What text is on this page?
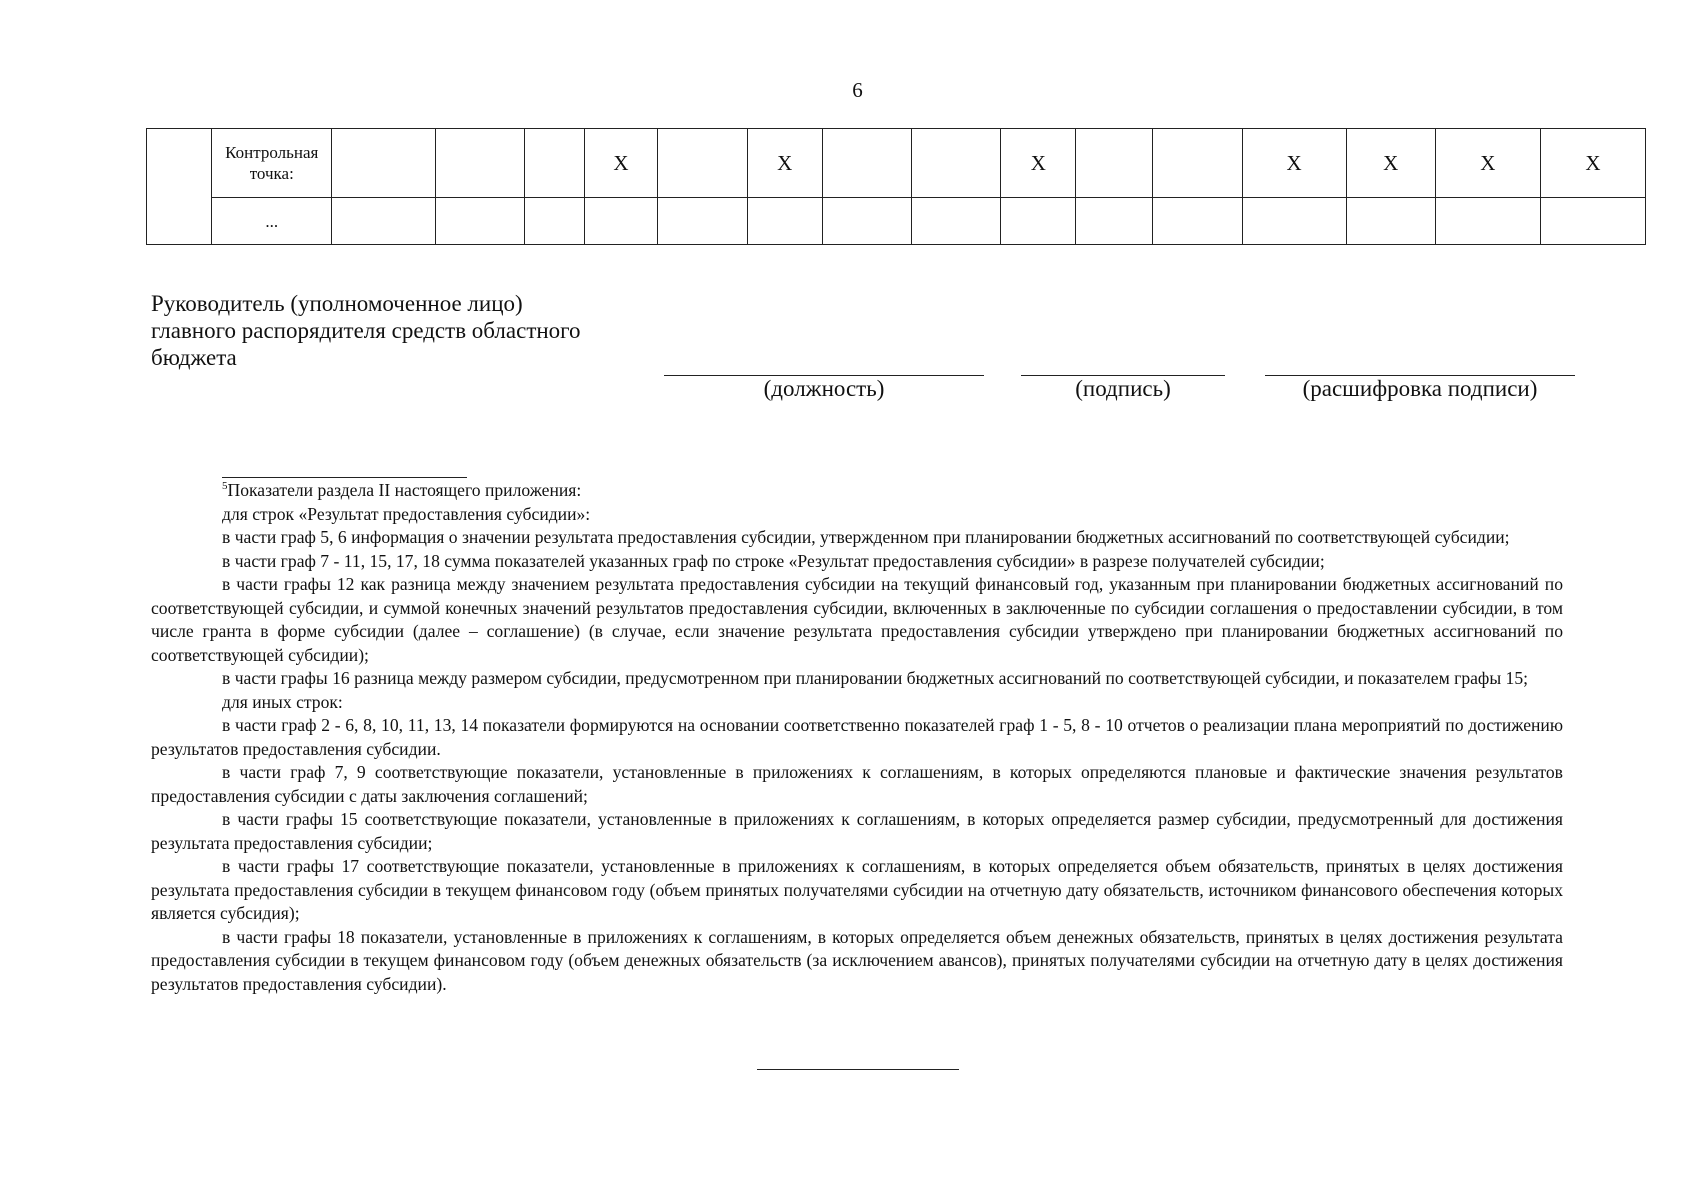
6
	Контрольная точка:				X		X			X			X	X	X	X
	...															
Руководитель (уполномоченное лицо)
главного распорядителя средств областного
бюджета
(должность)	(подпись)	(расшифровка подписи)

$^5$Показатели раздела II настоящего приложения:

для строк «Результат предоставления субсидии»:

в части граф 5, 6 информация о значении результата предоставления субсидии, утвержденном при планировании бюджетных ассигнований по соответствующей субсидии;

в части граф 7 - 11, 15, 17, 18 сумма показателей указанных граф по строке «Результат предоставления субсидии» в разрезе получателей субсидии;

в части графы 12 как разница между значением результата предоставления субсидии на текущий финансовый год, указанным при планировании бюджетных ассигнований по соответствующей субсидии, и суммой конечных значений результатов предоставления субсидии, включенных в заключенные по субсидии соглашения о предоставлении субсидии, в том числе гранта в форме субсидии (далее – соглашение) (в случае, если значение результата предоставления субсидии утверждено при планировании бюджетных ассигнований по соответствующей субсидии);

в части графы 16 разница между размером субсидии, предусмотренном при планировании бюджетных ассигнований по соответствующей субсидии, и показателем графы 15;

для иных строк:

в части граф 2 - 6, 8, 10, 11, 13, 14 показатели формируются на основании соответственно показателей граф 1 - 5, 8 - 10 отчетов о реализации плана мероприятий по достижению результатов предоставления субсидии.

в части граф 7, 9 соответствующие показатели, установленные в приложениях к соглашениям, в которых определяются плановые и фактические значения результатов предоставления субсидии с даты заключения соглашений;

в части графы 15 соответствующие показатели, установленные в приложениях к соглашениям, в которых определяется размер субсидии, предусмотренный для достижения результата предоставления субсидии;

в части графы 17 соответствующие показатели, установленные в приложениях к соглашениям, в которых определяется объем обязательств, принятых в целях достижения результата предоставления субсидии в текущем финансовом году (объем принятых получателями субсидии на отчетную дату обязательств, источником финансового обеспечения которых является субсидия);

в части графы 18 показатели, установленные в приложениях к соглашениям, в которых определяется объем денежных обязательств, принятых в целях достижения результата предоставления субсидии в текущем финансовом году (объем денежных обязательств (за исключением авансов), принятых получателями субсидии на отчетную дату в целях достижения результатов предоставления субсидии).
